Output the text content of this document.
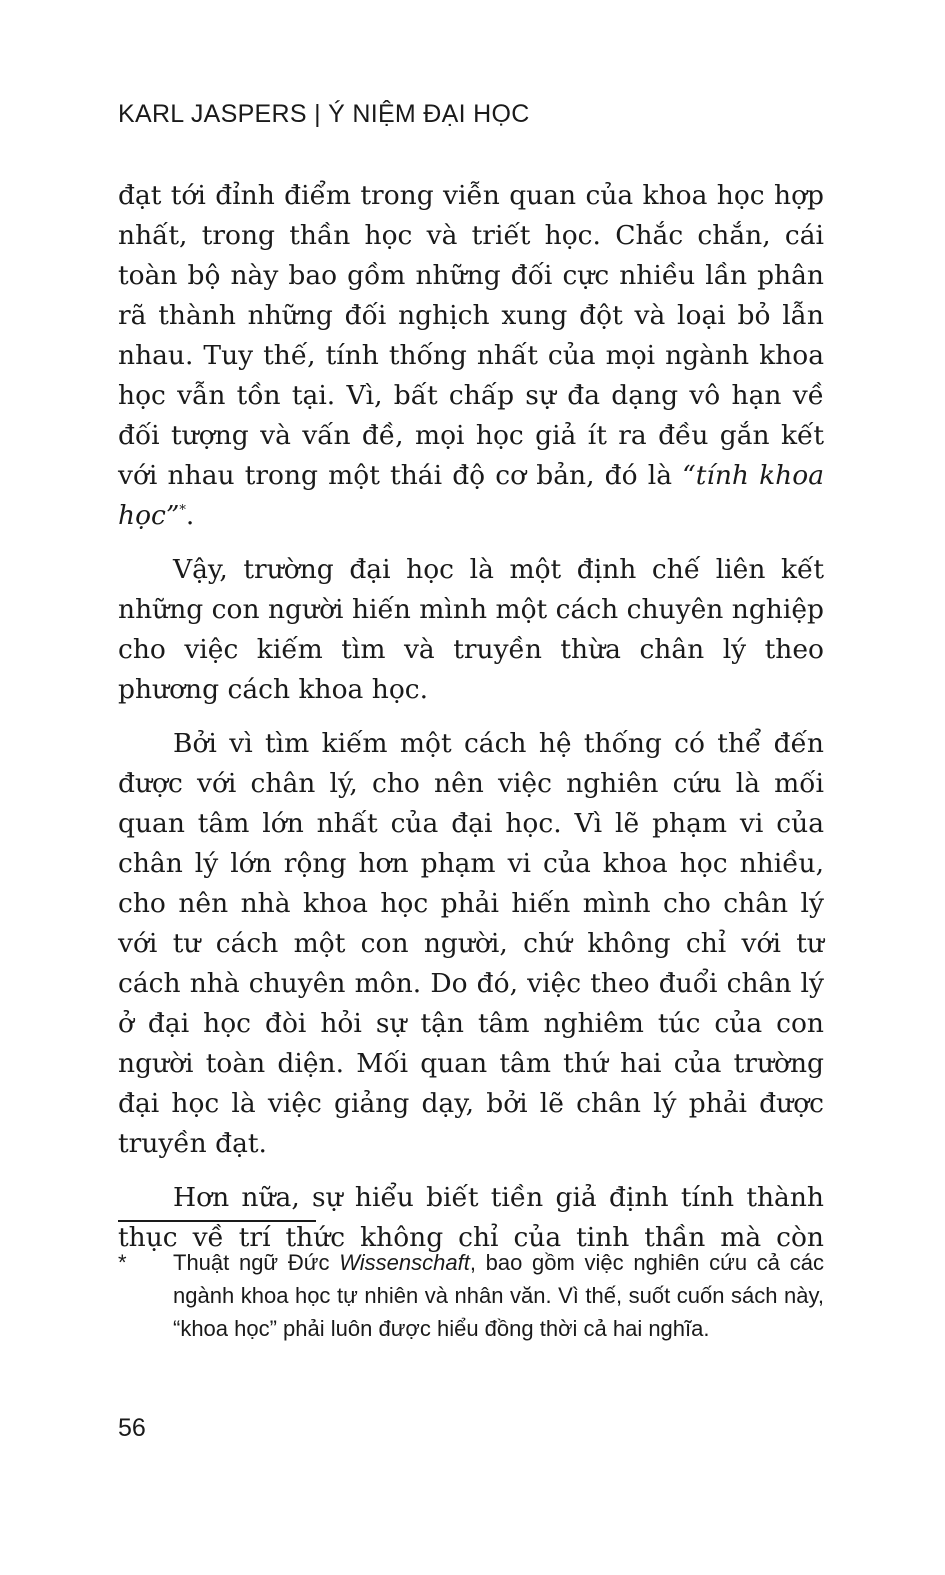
KARL JASPERS | Ý NIỆM ĐẠI HỌC

đạt tới đỉnh điểm trong viễn quan của khoa học hợp nhất, trong thần học và triết học. Chắc chắn, cái toàn bộ này bao gồm những đối cực nhiều lần phân rã thành những đối nghịch xung đột và loại bỏ lẫn nhau. Tuy thế, tính thống nhất của mọi ngành khoa học vẫn tồn tại. Vì, bất chấp sự đa dạng vô hạn về đối tượng và vấn đề, mọi học giả ít ra đều gắn kết với nhau trong một thái độ cơ bản, đó là “tính khoa học”*.

Vậy, trường đại học là một định chế liên kết những con người hiến mình một cách chuyên nghiệp cho việc kiếm tìm và truyền thừa chân lý theo phương cách khoa học.

Bởi vì tìm kiếm một cách hệ thống có thể đến được với chân lý, cho nên việc nghiên cứu là mối quan tâm lớn nhất của đại học. Vì lẽ phạm vi của chân lý lớn rộng hơn phạm vi của khoa học nhiều, cho nên nhà khoa học phải hiến mình cho chân lý với tư cách một con người, chứ không chỉ với tư cách nhà chuyên môn. Do đó, việc theo đuổi chân lý ở đại học đòi hỏi sự tận tâm nghiêm túc của con người toàn diện. Mối quan tâm thứ hai của trường đại học là việc giảng dạy, bởi lẽ chân lý phải được truyền đạt.

Hơn nữa, sự hiểu biết tiền giả định tính thành thục về trí thức không chỉ của tinh thần mà còn

*	Thuật ngữ Đức Wissenschaft, bao gồm việc nghiên cứu cả các ngành khoa học tự nhiên và nhân văn. Vì thế, suốt cuốn sách này, “khoa học” phải luôn được hiểu đồng thời cả hai nghĩa.
56
